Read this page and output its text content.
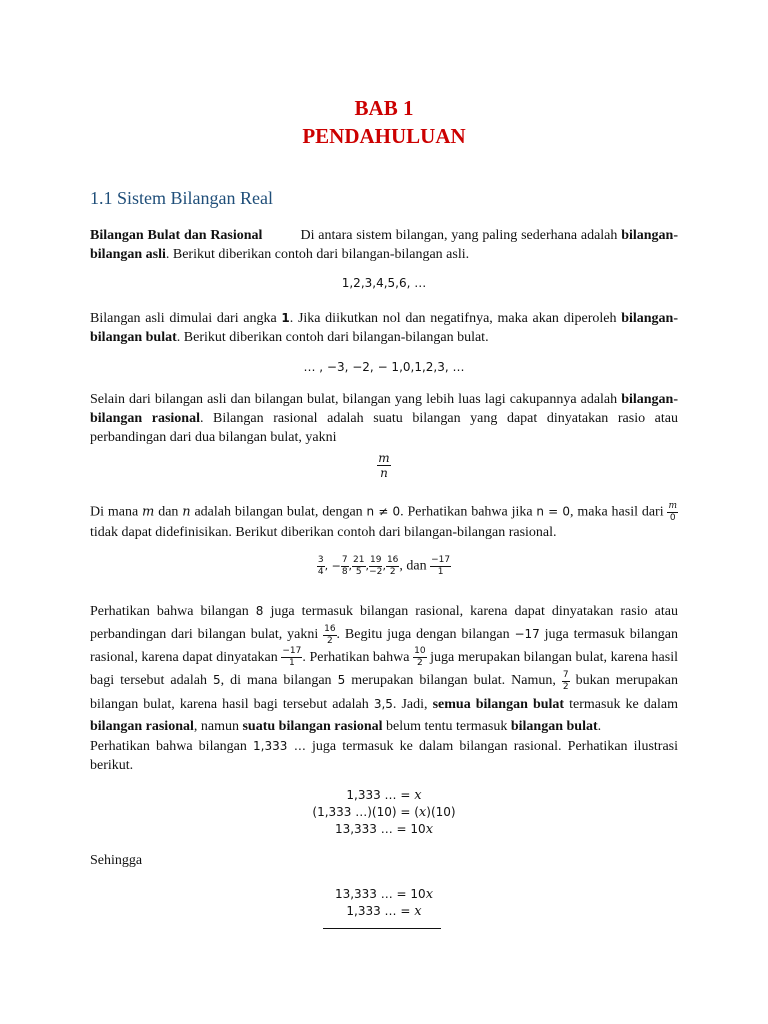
BAB 1
PENDAHULUAN
1.1 Sistem Bilangan Real
Bilangan Bulat dan Rasional	Di antara sistem bilangan, yang paling sederhana adalah bilangan-bilangan asli. Berikut diberikan contoh dari bilangan-bilangan asli.
1,2,3,4,5,6, …
Bilangan asli dimulai dari angka 1. Jika diikutkan nol dan negatifnya, maka akan diperoleh bilangan-bilangan bulat. Berikut diberikan contoh dari bilangan-bilangan bulat.
… , −3, −2, − 1,0,1,2,3, …
Selain dari bilangan asli dan bilangan bulat, bilangan yang lebih luas lagi cakupannya adalah bilangan-bilangan rasional. Bilangan rasional adalah suatu bilangan yang dapat dinyatakan rasio atau perbandingan dari dua bilangan bulat, yakni
$\frac{m}{n}$
Di mana m dan n adalah bilangan bulat, dengan n ≠ 0. Perhatikan bahwa jika n = 0, maka hasil dari $\frac{m}{0}$
tidak dapat didefinisikan. Berikut diberikan contoh dari bilangan-bilangan rasional.
$\frac{3}{4}$ , − $\frac{7}{8}$ , $\frac{21}{5}$ , $\frac{19}{-2}$ , $\frac{16}{2}$ , dan $\frac{-17}{1}$
Perhatikan bahwa bilangan 8 juga termasuk bilangan rasional, karena dapat dinyatakan rasio atau perbandingan dari bilangan bulat, yakni $\frac{16}{2}$ . Begitu juga dengan bilangan −17 juga termasuk bilangan rasional, karena dapat dinyatakan $\frac{-17}{1}$ . Perhatikan bahwa $\frac{10}{2}$ juga merupakan bilangan bulat, karena hasil bagi tersebut adalah 5, di mana bilangan 5 merupakan bilangan bulat. Namun, $\frac{7}{2}$ bukan merupakan bilangan bulat, karena hasil bagi tersebut adalah 3,5. Jadi, semua bilangan bulat termasuk ke dalam bilangan rasional, namun suatu bilangan rasional belum tentu termasuk bilangan bulat.
Perhatikan bahwa bilangan 1,333 … juga termasuk ke dalam bilangan rasional. Perhatikan ilustrasi berikut.
1,333 … = x
(1,333 …)(10) = (x)(10)
13,333 … = 10x
Sehingga
13,333 … = 10x
1,333 … = x
